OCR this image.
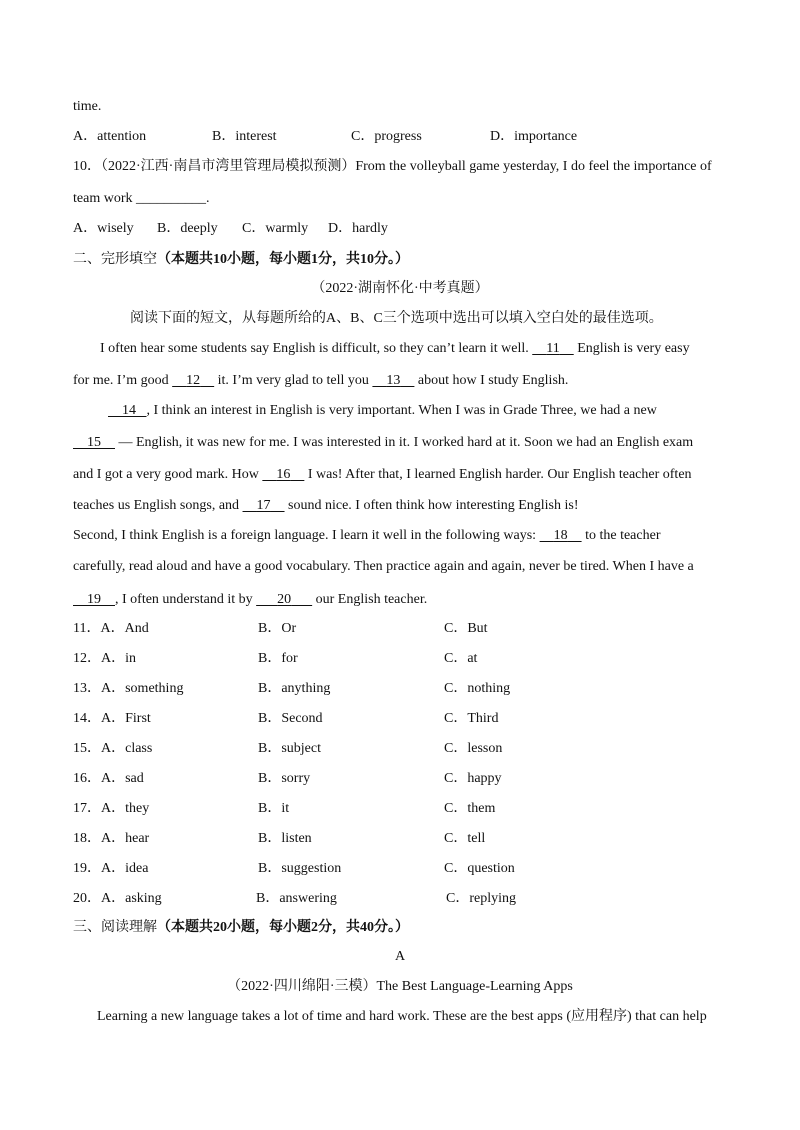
time.
A．attention	B．interest	C．progress	D．importance
10．（2022·江西·南昌市湾里管理局模拟预测）From the volleyball game yesterday, I do feel the importance of
team work __________.
A．wisely B．deeply C．warmly D．hardly
二、完形填空（本题共10小题，每小题1分，共10分。）
（2022·湖南怀化·中考真题）
阅读下面的短文，从每题所给的A、B、C三个选项中选出可以填入空白处的最佳选项。
I often hear some students say English is difficult, so they can’t learn it well.     11     English is very easy
for me. I’m good     12     it. I’m very glad to tell you     13     about how I study English.
14 , I think an interest in English is very important. When I was in Grade Three, we had a new
15     — English, it was new for me. I was interested in it. I worked hard at it. Soon we had an English exam
and I got a very good mark. How     16     I was! After that, I learned English harder. Our English teacher often
teaches us English songs, and     17     sound nice. I often think how interesting English is!
Second, I think English is a foreign language. I learn it well in the following ways:     18     to the teacher
carefully, read aloud and have a good vocabulary. Then practice again and again, never be tired. When I have a
19 , I often understand it by       20       our English teacher.
11．A．And	B．Or	C．But
12．A．in	B．for	C．at
13．A．something	B．anything	C．nothing
14．A．First	B．Second	C．Third
15．A．class	B．subject	C．lesson
16．A．sad	B．sorry	C．happy
17．A．they	B．it	C．them
18．A．hear	B．listen	C．tell
19．A．idea	B．suggestion	C．question
20．A．asking	B．answering	C．replying
三、阅读理解（本题共20小题，每小题2分，共40分。）
A
（2022·四川绵阳·三模）The Best Language-Learning Apps
Learning a new language takes a lot of time and hard work. These are the best apps (应用程序) that can help
